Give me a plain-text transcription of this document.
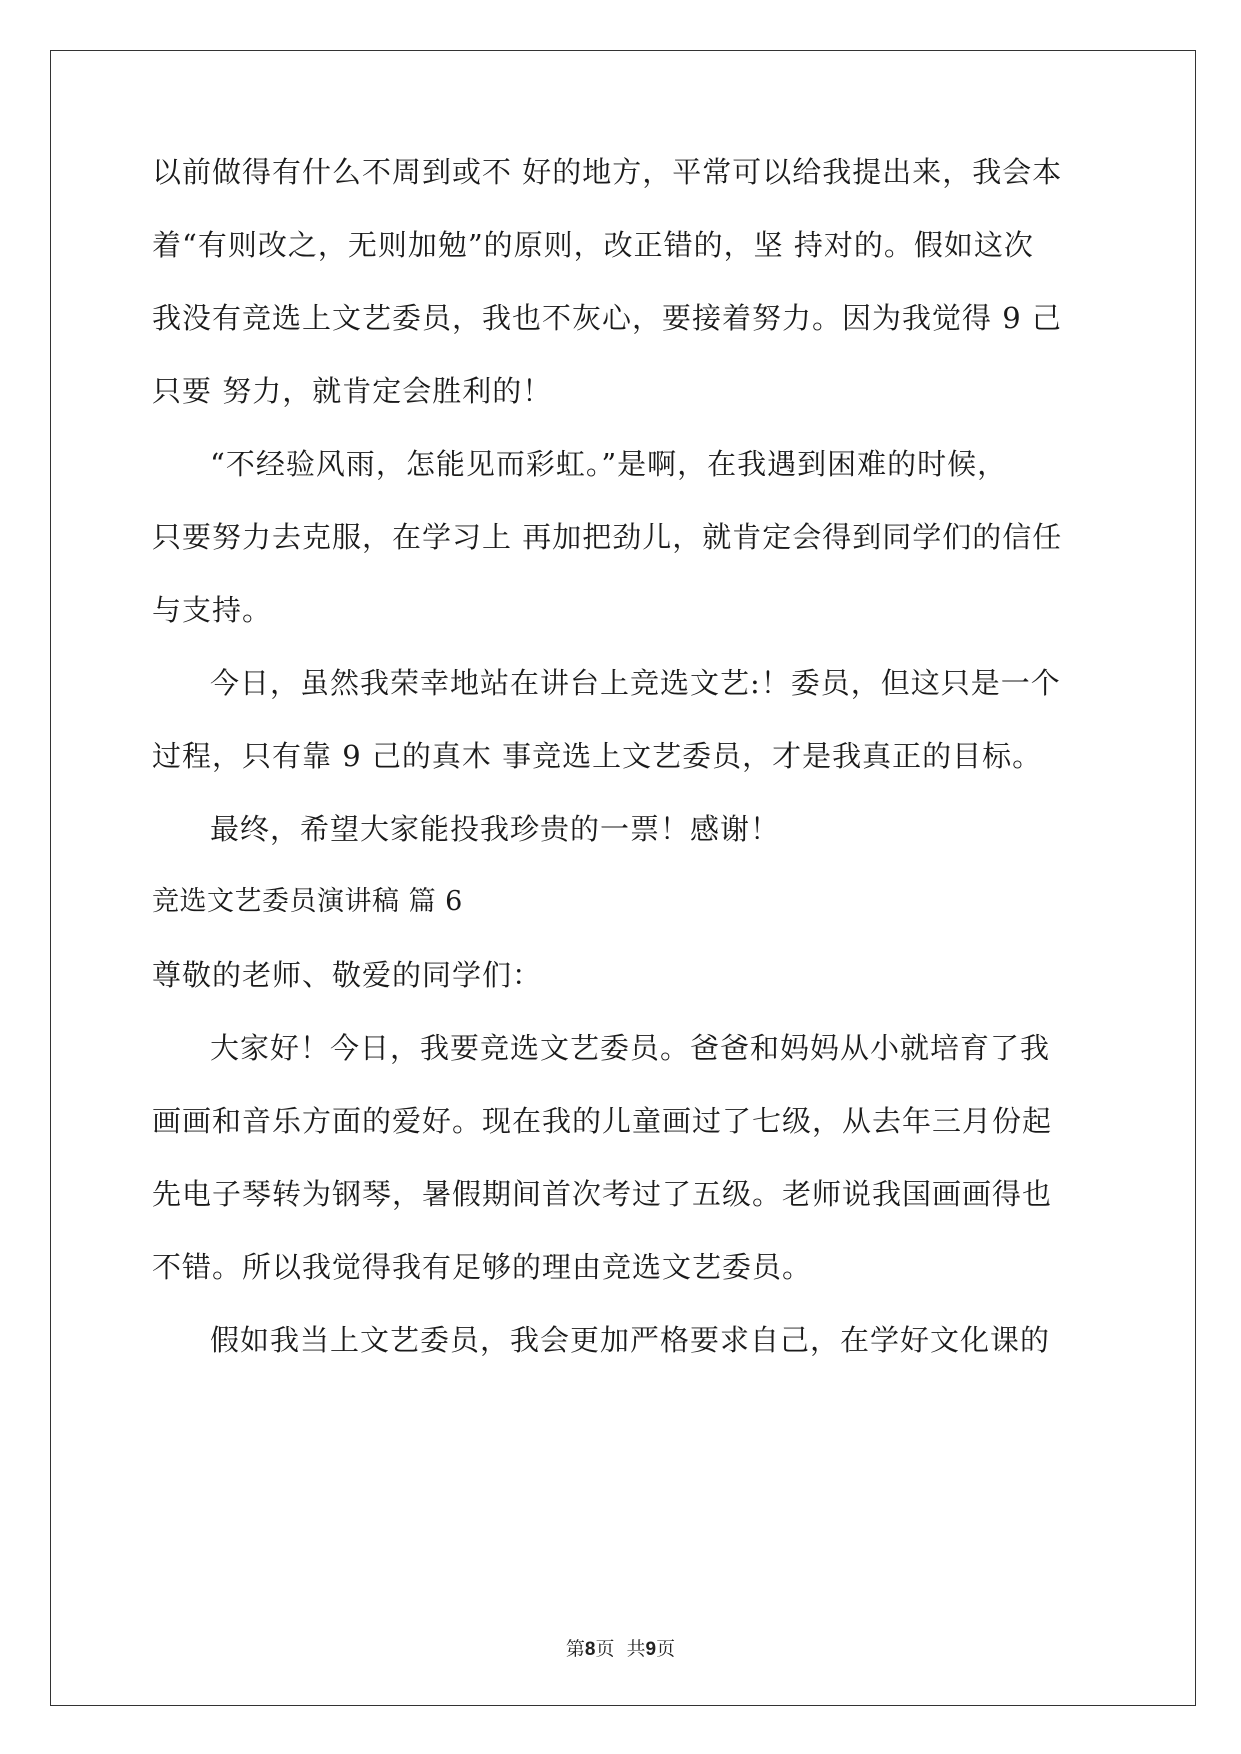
以前做得有什么不周到或不 好的地方，平常可以给我提出来，我会本
着“有则改之，无则加勉”的原则，改正错的，坚 持对的。假如这次
我没有竞选上文艺委员，我也不灰心，要接着努力。因为我觉得 9 己
只要 努力，就肯定会胜利的！
“不经验风雨，怎能见而彩虹。”是啊，在我遇到困难的时候，
只要努力去克服，在学习上 再加把劲儿，就肯定会得到同学们的信任
与支持。
今日，虽然我荣幸地站在讲台上竞选文艺:！委员，但这只是一个
过程，只有靠 9 己的真木 事竞选上文艺委员，才是我真正的目标。
最终，希望大家能投我珍贵的一票！感谢！
竞选文艺委员演讲稿 篇 6
尊敬的老师、敬爱的同学们：
大家好！今日，我要竞选文艺委员。爸爸和妈妈从小就培育了我
画画和音乐方面的爱好。现在我的儿童画过了七级，从去年三月份起
先电子琴转为钢琴，暑假期间首次考过了五级。老师说我国画画得也
不错。所以我觉得我有足够的理由竞选文艺委员。
假如我当上文艺委员，我会更加严格要求自己，在学好文化课的
第8页  共9页
